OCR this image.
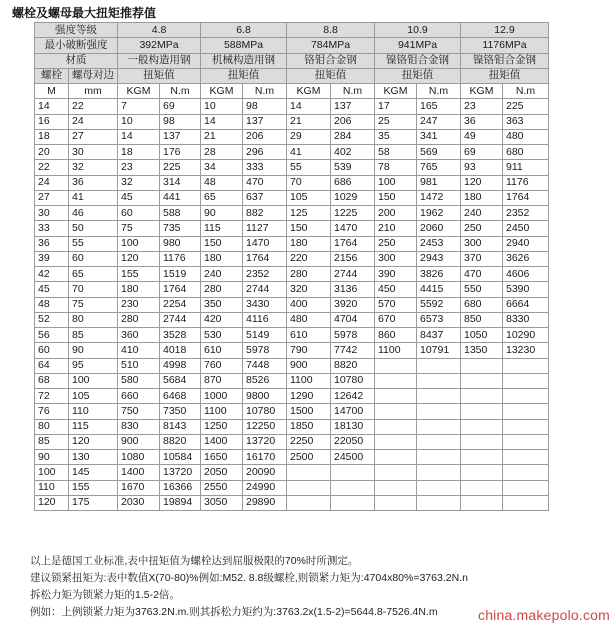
螺栓及螺母最大扭矩推荐值
强度等级		4.8		6.8		8.8		10.9		12.9	
最小破断强度		392MPa		588MPa		784MPa		941MPa		1176MPa	
材质		一般构造用钢		机械构造用钢		铬钼合金钢		镍铬钼合金钢		镍铬钼合金钢	
螺栓	螺母对边	扭矩值		扭矩值		扭矩值		扭矩值		扭矩值	
M	mm	KGM	N.m	KGM	N.m	KGM	N.m	KGM	N.m	KGM	N.m
14	22	7	69	10	98	14	137	17	165	23	225
16	24	10	98	14	137	21	206	25	247	36	363
18	27	14	137	21	206	29	284	35	341	49	480
20	30	18	176	28	296	41	402	58	569	69	680
22	32	23	225	34	333	55	539	78	765	93	911
24	36	32	314	48	470	70	686	100	981	120	1176
27	41	45	441	65	637	105	1029	150	1472	180	1764
30	46	60	588	90	882	125	1225	200	1962	240	2352
33	50	75	735	115	1127	150	1470	210	2060	250	2450
36	55	100	980	150	1470	180	1764	250	2453	300	2940
39	60	120	1176	180	1764	220	2156	300	2943	370	3626
42	65	155	1519	240	2352	280	2744	390	3826	470	4606
45	70	180	1764	280	2744	320	3136	450	4415	550	5390
48	75	230	2254	350	3430	400	3920	570	5592	680	6664
52	80	280	2744	420	4116	480	4704	670	6573	850	8330
56	85	360	3528	530	5149	610	5978	860	8437	1050	10290
60	90	410	4018	610	5978	790	7742	1100	10791	1350	13230
64	95	510	4998	760	7448	900	8820				
68	100	580	5684	870	8526	1100	10780				
72	105	660	6468	1000	9800	1290	12642				
76	110	750	7350	1100	10780	1500	14700				
80	115	830	8143	1250	12250	1850	18130				
85	120	900	8820	1400	13720	2250	22050				
90	130	1080	10584	1650	16170	2500	24500				
100	145	1400	13720	2050	20090						
110	155	1670	16366	2550	24990						
120	175	2030	19894	3050	29890						
以上是德国工业标准,表中扭矩值为螺栓达到屈服极限的70%时所测定。
建议锁紧扭矩为:表中数值X(70-80)%例如:M52. 8.8级螺栓,则锁紧力矩为:4704x80%=3763.2N.n
拆松力矩为锁紧力矩的1.5-2倍。
例如：上例锁紧力矩为3763.2N.m.则其拆松力矩约为:3763.2x(1.5-2)=5644.8-7526.4N.m	china.makepolo.com
